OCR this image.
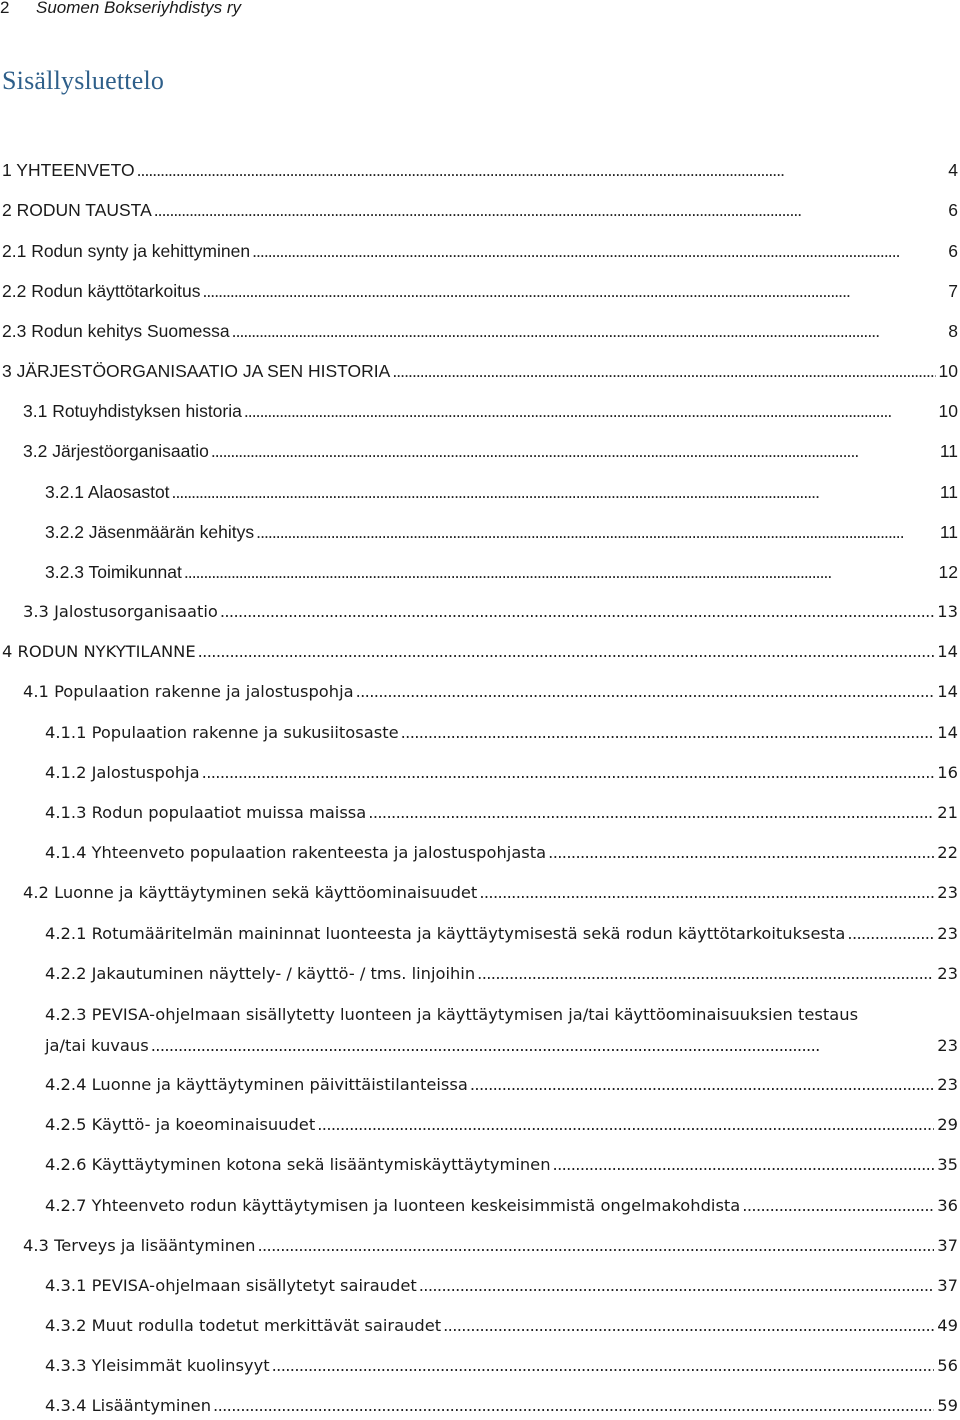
2 Suomen Bokseriyhdistys ry
Sisällysluettelo
1 YHTEENVETO . . .	4
2 RODUN TAUSTA . . .	6
2.1 Rodun synty ja kehittyminen . . .	6
2.2 Rodun käyttötarkoitus . . .	7
2.3 Rodun kehitys Suomessa . . .	8
3 JÄRJESTÖORGANISAATIO JA SEN HISTORIA . . .	10
3.1 Rotuyhdistyksen historia . . .	10
3.2 Järjestöorganisaatio . . .	11
3.2.1 Alaosastot . . .	11
3.2.2 Jäsenmäärän kehitys . . .	11
3.2.3 Toimikunnat . . .	12
3.3 Jalostusorganisaatio . . .	13
4 RODUN NYKYTILANNE . . .	14
4.1 Populaation rakenne ja jalostuspohja . . .	14
4.1.1 Populaation rakenne ja sukusiitosaste . . .	14
4.1.2 Jalostuspohja . . .	16
4.1.3 Rodun populaatiot muissa maissa . . .	21
4.1.4 Yhteenveto populaation rakenteesta ja jalostuspohjasta . . .	22
4.2 Luonne ja käyttäytyminen sekä käyttöominaisuudet . . .	23
4.2.1 Rotumääritelmän maininnat luonteesta ja käyttäytymisestä sekä rodun käyttötarkoituksesta . . .	23
4.2.2 Jakautuminen näyttely- / käyttö- / tms. linjoihin . . .	23
4.2.3 PEVISA-ohjelmaan sisällytetty luonteen ja käyttäytymisen ja/tai käyttöominaisuuksien testaus
ja/tai kuvaus . . .	23
4.2.4 Luonne ja käyttäytyminen päivittäistilanteissa . . .	23
4.2.5 Käyttö- ja koeominaisuudet . . .	29
4.2.6 Käyttäytyminen kotona sekä lisääntymiskäyttäytyminen . . .	35
4.2.7 Yhteenveto rodun käyttäytymisen ja luonteen keskeisimmistä ongelmakohdista . . .	36
4.3 Terveys ja lisääntyminen . . .	37
4.3.1 PEVISA-ohjelmaan sisällytetyt sairaudet . . .	37
4.3.2 Muut rodulla todetut merkittävät sairaudet . . .	49
4.3.3 Yleisimmät kuolinsyyt . . .	56
4.3.4 Lisääntyminen . . .	59
